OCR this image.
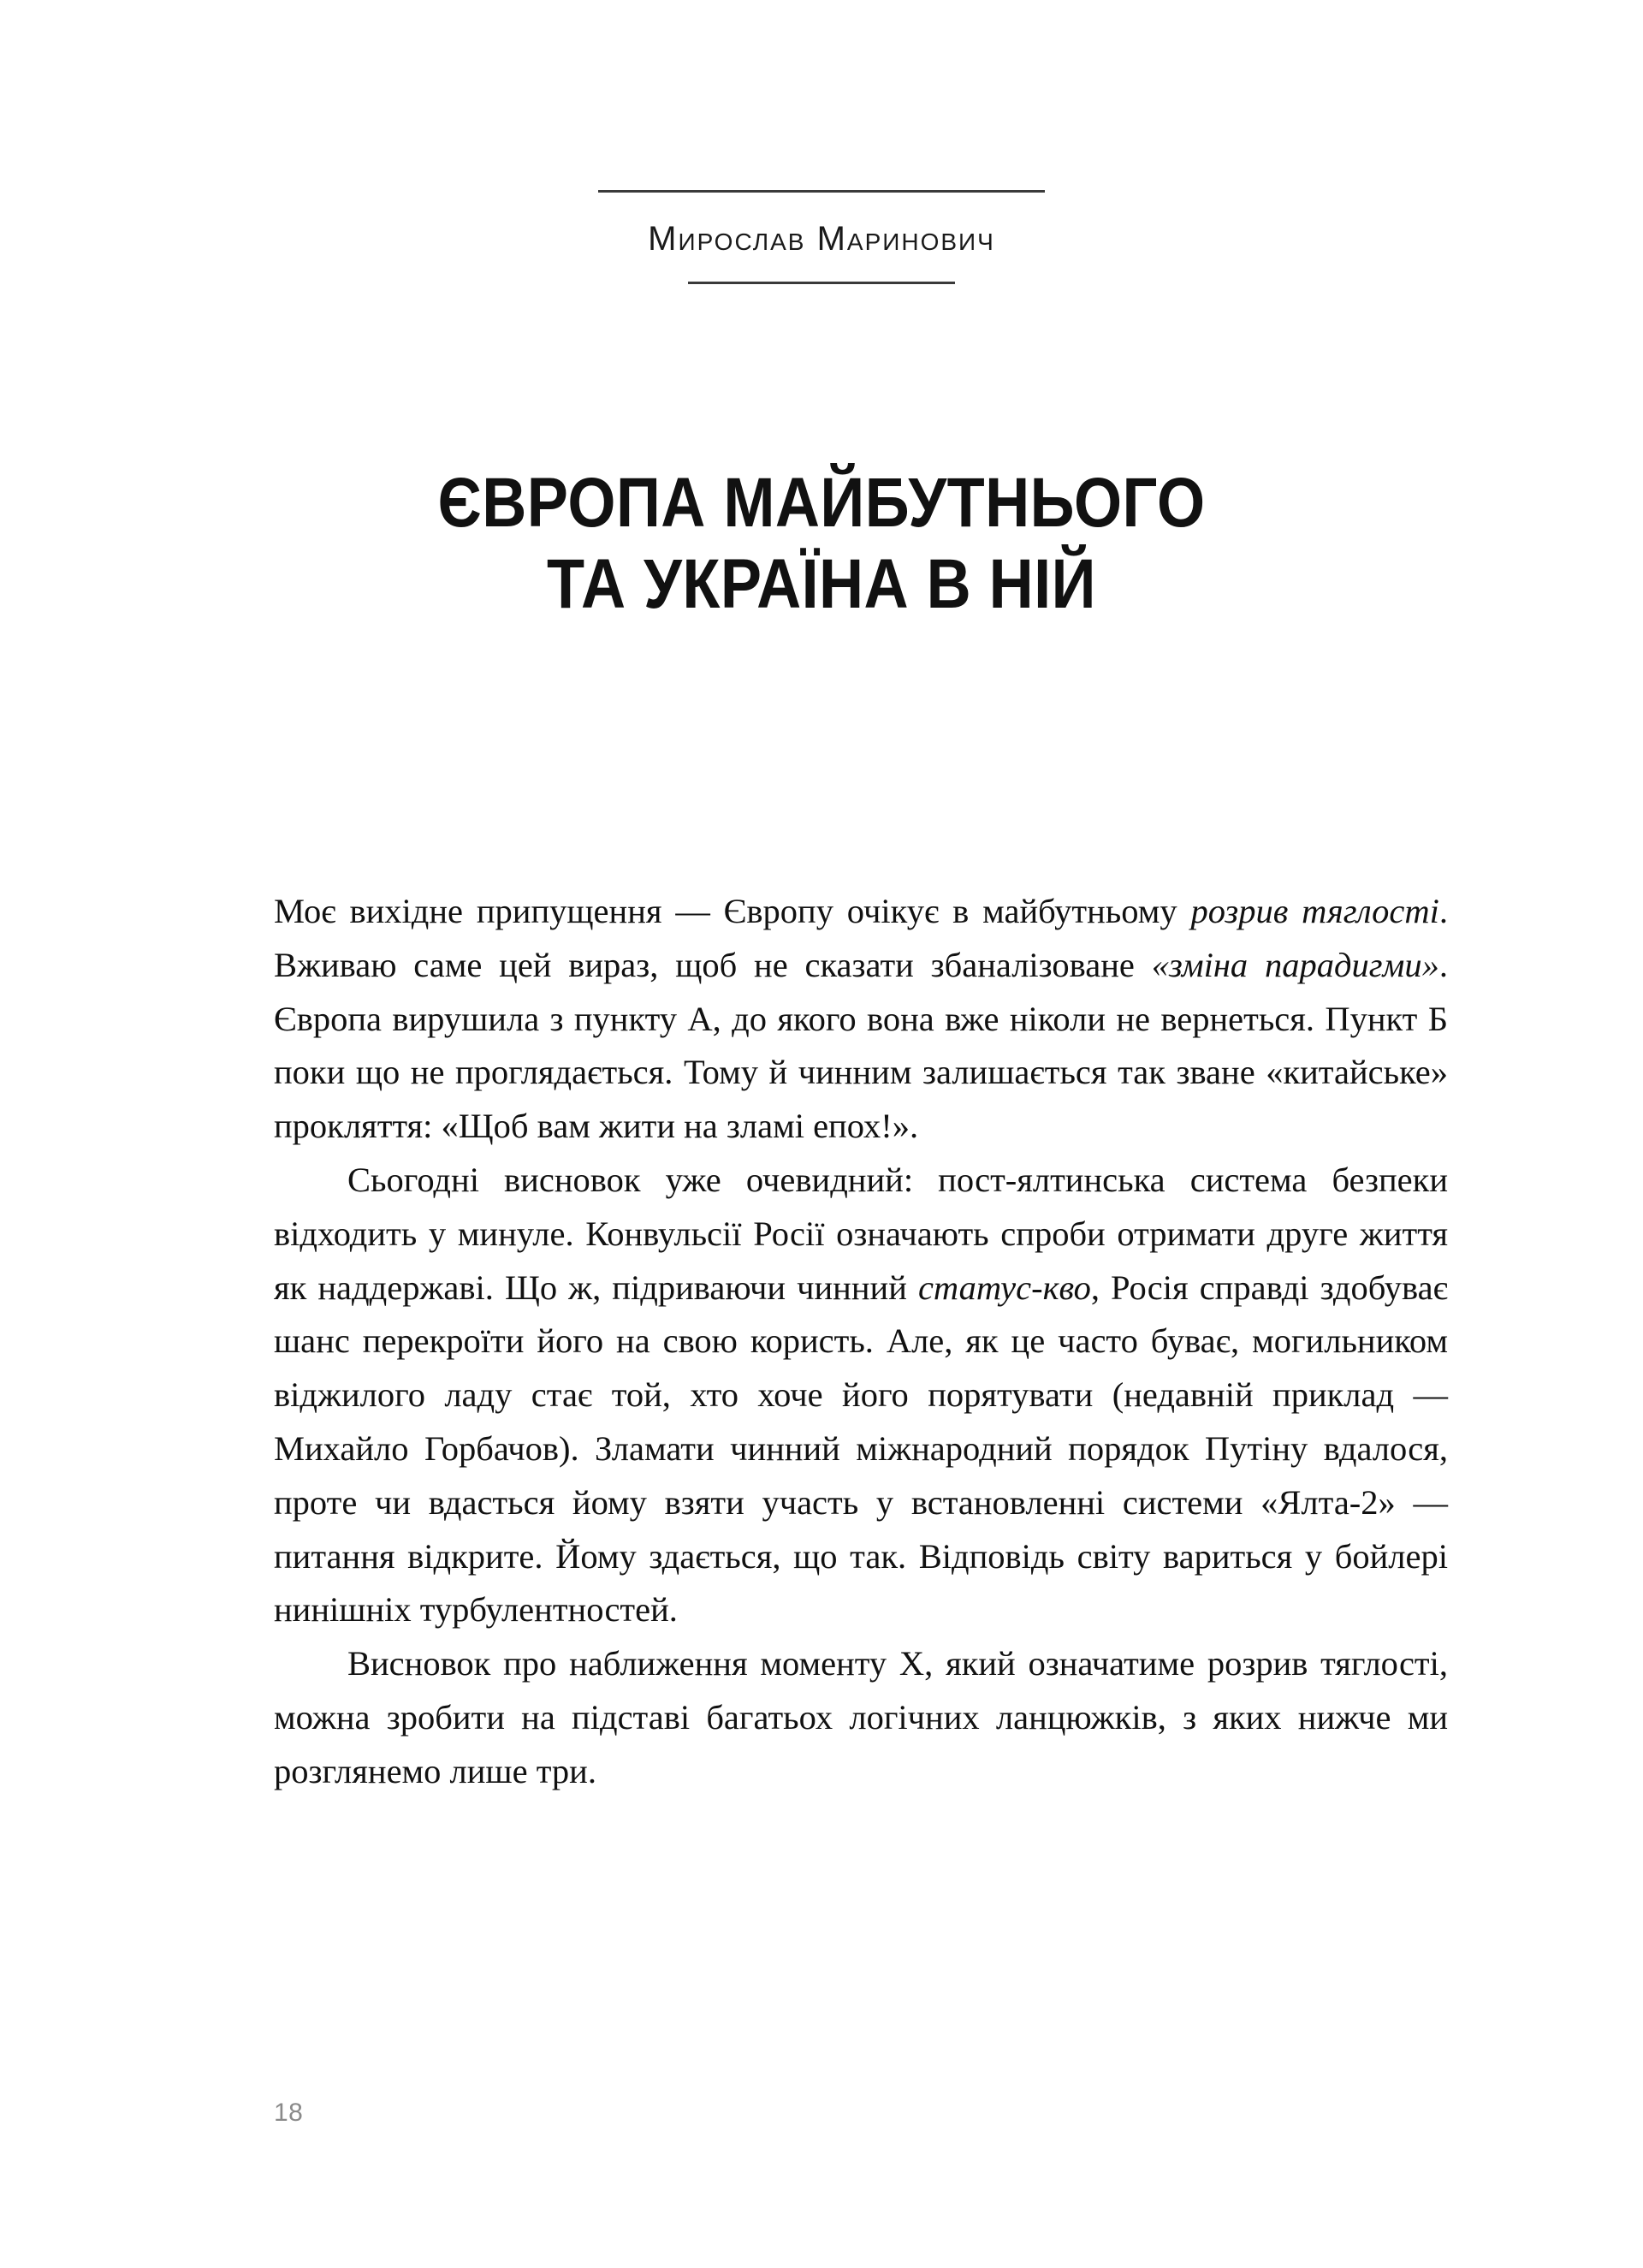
Мирослав Маринович
ЄВРОПА МАЙБУТНЬОГО
ТА УКРАЇНА В НІЙ

Моє вихідне припущення — Європу очікує в майбутньому розрив тяглості. Вживаю саме цей вираз, щоб не сказати збаналізоване «зміна парадигми». Європа вирушила з пункту А, до якого вона вже ніколи не вернеться. Пункт Б поки що не проглядається. Тому й чинним залишається так зване «китайське» прокляття: «Щоб вам жити на зламі епох!».

Сьогодні висновок уже очевидний: пост-ялтинська система безпеки відходить у минуле. Конвульсії Росії означають спроби отримати друге життя як наддержаві. Що ж, підриваючи чинний статус-кво, Росія справді здобуває шанс перекроїти його на свою користь. Але, як це часто буває, могильником віджилого ладу стає той, хто хоче його порятувати (недавній приклад — Михайло Горбачов). Зламати чинний міжнародний порядок Путіну вдалося, проте чи вдасться йому взяти участь у встановленні системи «Ялта-2» — питання відкрите. Йому здається, що так. Відповідь світу вариться у бойлері нинішніх турбулентностей.

Висновок про наближення моменту Х, який означатиме розрив тяглості, можна зробити на підставі багатьох логічних ланцюжків, з яких нижче ми розглянемо лише три.

18
